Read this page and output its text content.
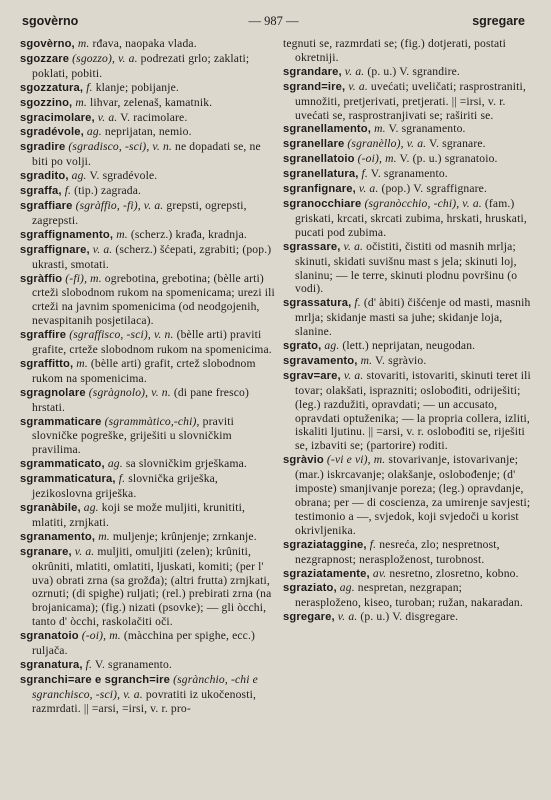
sgovèrno	— 987 —	sgregare
sgovèrno, m. rđava, naopaka vlada.
sgozzare (sgozzo), v. a. podrezati grlo; zaklati; poklati, pobiti.
sgozzatura, f. klanje; pobijanje.
sgozzino, m. lihvar, zelenaš, kamatnik.
sgracimolare, v. a. V. racimolare.
sgradévole, ag. neprijatan, nemio.
sgradire (sgradisco, -sci), v. n. ne dopadati se, ne biti po volji.
sgradito, ag. V. sgradévole.
sgraffa, f. (tip.) zagrada.
sgraffiare (sgràffio, -fi), v. a. grepsti, ogrepsti, zagrepsti.
sgraffignamento, m. (scherz.) krađa, kradnja.
sgraffignare, v. a. (scherz.) šćepati, zgrabiti; (pop.) ukrasti, smotati.
sgràffio (-fi), m. ogrebotina, grebotina; (bèlle arti) crteži slobodnom rukom na spomenicama; urezi ili crteži na javnim spomenicima (od neodgojenih, nevaspitanih posjetilaca).
sgraffire (sgraffisco, -sci), v. n. (bèlle arti) praviti grafite, crteže slobodnom rukom na spomenicima.
sgraffitto, m. (bèlle arti) grafit, crtež slobodnom rukom na spomenicima.
sgragnolare (sgràgnolo), v. n. (di pane fresco) hrstati.
sgrammaticare (sgrammàtico,-chi), praviti slovničke pogreške, griješiti u slovničkim pravilima.
sgrammaticato, ag. sa slovničkim grješkama.
sgrammaticatura, f. slovnička griješka, jezikoslovna griješka.
sgranàbile, ag. koji se može muljiti, krunititi, mlatiti, zrnjkati.
sgranamento, m. muljenje; krûnjenje; zrnkanje.
sgranare, v. a. muljiti, omuljiti (zelen); krûniti, okrûniti, mlatiti, omlatiti, ljuskati, komiti; (per l' uva) obrati zrna (sa grožđa); (altri frutta) zrnjkati, ozrnuti; (di spighe) ruljati; (rel.) prebirati zrna (na brojanicama); (fig.) nizati (psovke); — gli òcchi, tanto d' òcchi, raskolačiti oči.
sgranatoio (-oi), m. (màcchina per spighe, ecc.) ruljača.
sgranatura, f. V. sgranamento.
sgranchi=are e sgranch=ire (sgrànchio, -chi e sgranchisco, -sci), v. a. povratiti iz ukočenosti, razmrdati. || =arsi, =irsi, v. r. pro-
tegnuti se, razmrdati se; (fig.) dotjerati, postati okretniji.
sgrandare, v. a. (p. u.) V. sgrandire.
sgrand=ire, v. a. uvećati; uveličati; rasprostraniti, umnožiti, pretjerivati, pretjerati. || =irsi, v. r. uvećati se, rasprostranjivati se; raširiti se.
sgranellamento, m. V. sgranamento.
sgranellare (sgranèllo), v. a. V. sgranare.
sgranellatoio (-oi), m. V. (p. u.) sgranatoio.
sgranellatura, f. V. sgranamento.
sgranfignare, v. a. (pop.) V. sgraffignare.
sgranocchiare (sgranòcchio, -chi), v. a. (fam.) griskati, krcati, skrcati zubima, hrskati, hruskati, pucati pod zubima.
sgrassare, v. a. očistiti, čistiti od masnih mrlja; skinuti, skidati suvišnu mast s jela; skinuti loj, slaninu; — le terre, skinuti plodnu površinu (o vodi).
sgrassatura, f. (d' àbiti) čišćenje od masti, masnih mrlja; skidanje masti sa juhe; skidanje loja, slanine.
sgrato, ag. (lett.) neprijatan, neugodan.
sgravamento, m. V. sgràvio.
sgrav=are, v. a. stovariti, istovariti, skinuti teret ili tovar; olakšati, isprazniti; oslobođiti, odriješiti; (leg.) razdužiti, opravdati; — un accusato, opravdati optuženika; — la propria collera, izliti, iskaliti ljutinu. || =arsi, v. r. oslobođiti se, riješiti se, izbaviti se; (partorire) roditi.
sgràvio (-vi e vi), m. stovarivanje, istovarivanje; (mar.) iskrcavanje; olakšanje, oslobođenje; (d' imposte) smanjivanje poreza; (leg.) opravdanje, obrana; per — di coscienza, za umirenje savjesti; testimonio a —, svjedok, koji svjedoči u korist okrivljenika.
sgraziataggine, f. nesreća, zlo; nespretnost, nezgrapnost; nerasploženost, turobnost.
sgraziatamente, av. nesretno, zlosretno, kobno.
sgraziato, ag. nespretan, nezgrapan; nerasploženo, kiseo, turoban; ružan, nakaradan.
sgregare, v. a. (p. u.) V. disgregare.
